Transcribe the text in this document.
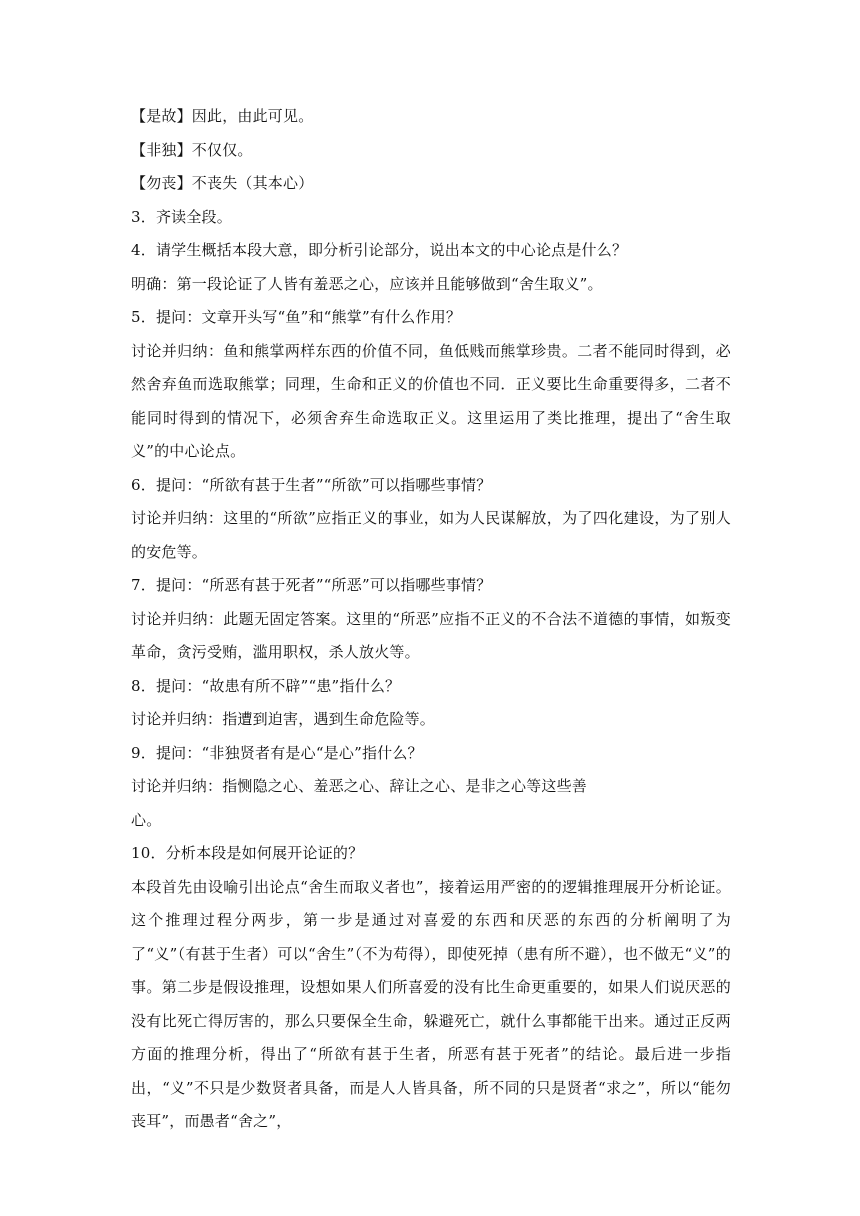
【是故】因此，由此可见。

【非独】不仅仅。

【勿丧】不丧失（其本心）

3．齐读全段。

4．请学生概括本段大意，即分析引论部分，说出本文的中心论点是什么？

明确：第一段论证了人皆有羞恶之心，应该并且能够做到“舍生取义”。

5．提问：文章开头写“鱼”和“熊掌”有什么作用？

讨论并归纳：鱼和熊掌两样东西的价值不同，鱼低贱而熊掌珍贵。二者不能同时得到，必然舍弃鱼而选取熊掌；同理，生命和正义的价值也不同．正义要比生命重要得多，二者不能同时得到的情况下，必须舍弃生命选取正义。这里运用了类比推理，提出了“舍生取义”的中心论点。

6．提问：“所欲有甚于生者”“所欲”可以指哪些事情？

讨论并归纳：这里的“所欲”应指正义的事业，如为人民谋解放，为了四化建设，为了别人的安危等。

7．提问：“所恶有甚于死者”“所恶”可以指哪些事情？

讨论并归纳：此题无固定答案。这里的“所恶”应指不正义的不合法不道德的事情，如叛变革命，贪污受贿，滥用职权，杀人放火等。

8．提问：“故患有所不辟”“患”指什么？

讨论并归纳：指遭到迫害，遇到生命危险等。

9．提问：“非独贤者有是心“是心”指什么？

讨论并归纳：指恻隐之心、羞恶之心、辞让之心、是非之心等这些善

心。

10．分析本段是如何展开论证的？

本段首先由设喻引出论点“舍生而取义者也”，接着运用严密的的逻辑推理展开分析论证。这个推理过程分两步，第一步是通过对喜爱的东西和厌恶的东西的分析阐明了为了“义”（有甚于生者）可以“舍生”（不为苟得），即使死掉（患有所不避），也不做无“义”的事。第二步是假设推理，设想如果人们所喜爱的没有比生命更重要的，如果人们说厌恶的没有比死亡得厉害的，那么只要保全生命，躲避死亡，就什么事都能干出来。通过正反两方面的推理分析，得出了“所欲有甚于生者，所恶有甚于死者”的结论。最后进一步指出，“义”不只是少数贤者具备，而是人人皆具备，所不同的只是贤者“求之”，所以“能勿丧耳”，而愚者“舍之”，
